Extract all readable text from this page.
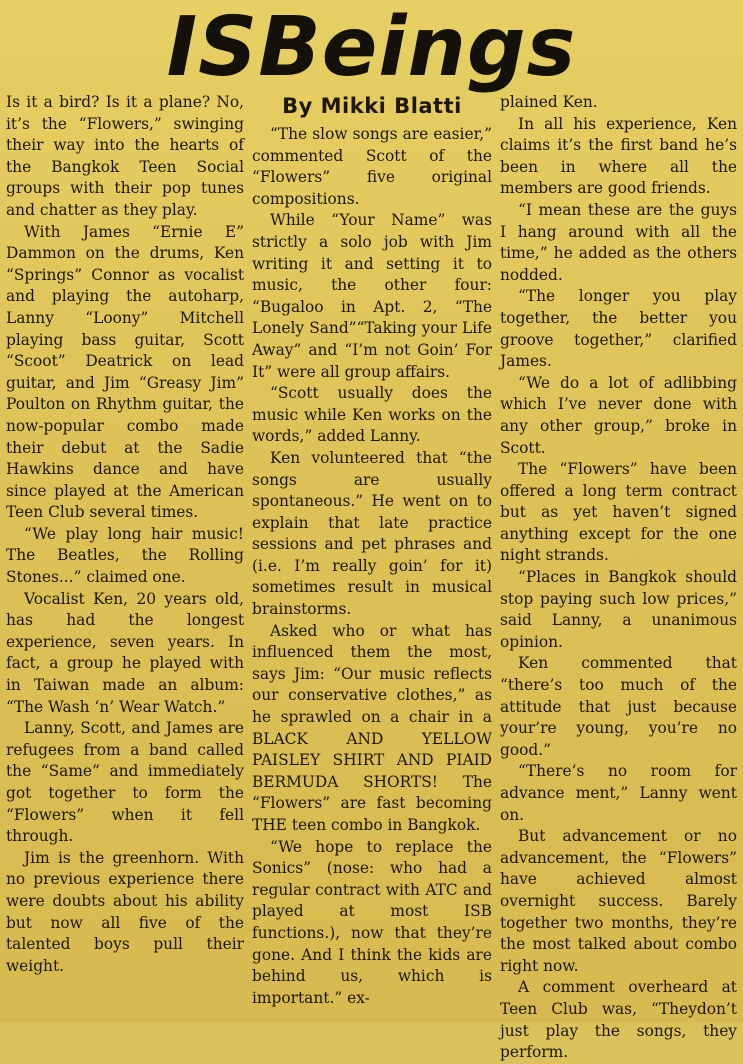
ISBeings

Is it a bird? Is it a plane? No, it’s the “Flowers,” swinging their way into the hearts of the Bangkok Teen Social groups with their pop tunes and chatter as they play.

With James “Ernie E” Dammon on the drums, Ken “Springs” Connor as vocalist and playing the autoharp, Lanny “Loony” Mitchell playing bass guitar, Scott “Scoot” Deatrick on lead guitar, and Jim “Greasy Jim” Poulton on Rhythm guitar, the now-popular combo made their debut at the Sadie Hawkins dance and have since played at the American Teen Club several times.

“We play long hair music! The Beatles, the Rolling Stones...” claimed one.

Vocalist Ken, 20 years old, has had the longest experience, seven years. In fact, a group he played with in Taiwan made an album: “The Wash ‘n’ Wear Watch.”

Lanny, Scott, and James are refugees from a band called the “Same” and immediately got together to form the “Flowers” when it fell through.

Jim is the greenhorn. With no previous experience there were doubts about his ability but now all five of the talented boys pull their weight.

By Mikki Blatti

“The slow songs are easier,” commented Scott of the “Flowers” five original compositions.

While “Your Name” was strictly a solo job with Jim writing it and setting it to music, the other four: “Bugaloo in Apt. 2, “The Lonely Sand”“Taking your Life Away” and “I’m not Goin’ For It” were all group affairs.

“Scott usually does the music while Ken works on the words,” added Lanny.

Ken volunteered that “the songs are usually spontaneous.” He went on to explain that late practice sessions and pet phrases and (i.e. I’m really goin’ for it) sometimes result in musical brainstorms.

Asked who or what has influenced them the most, says Jim: “Our music reflects our conservative clothes,” as he sprawled on a chair in a BLACK AND YELLOW PAISLEY SHIRT AND PIAID BERMUDA SHORTS! The “Flowers” are fast becoming THE teen combo in Bangkok.

“We hope to replace the Sonics” (nose: who had a regular contract with ATC and played at most ISB functions.), now that they’re gone. And I think the kids are behind us, which is important.” ex-

plained Ken.

In all his experience, Ken claims it’s the first band he’s been in where all the members are good friends.

“I mean these are the guys I hang around with all the time,” he added as the others nodded.

“The longer you play together, the better you groove together,” clarified James.

“We do a lot of adlibbing which I’ve never done with any other group,” broke in Scott.

The “Flowers” have been offered a long term contract but as yet haven’t signed anything except for the one night strands.

“Places in Bangkok should stop paying such low prices,” said Lanny, a unanimous opinion.

Ken commented that “there’s too much of the attitude that just because your’re young, you’re no good.”

“There’s no room for advance ment,” Lanny went on.

But advancement or no advancement, the “Flowers” have achieved almost overnight success. Barely together two months, they’re the most talked about combo right now.

A comment overheard at Teen Club was, “Theydon’t just play the songs, they perform.
